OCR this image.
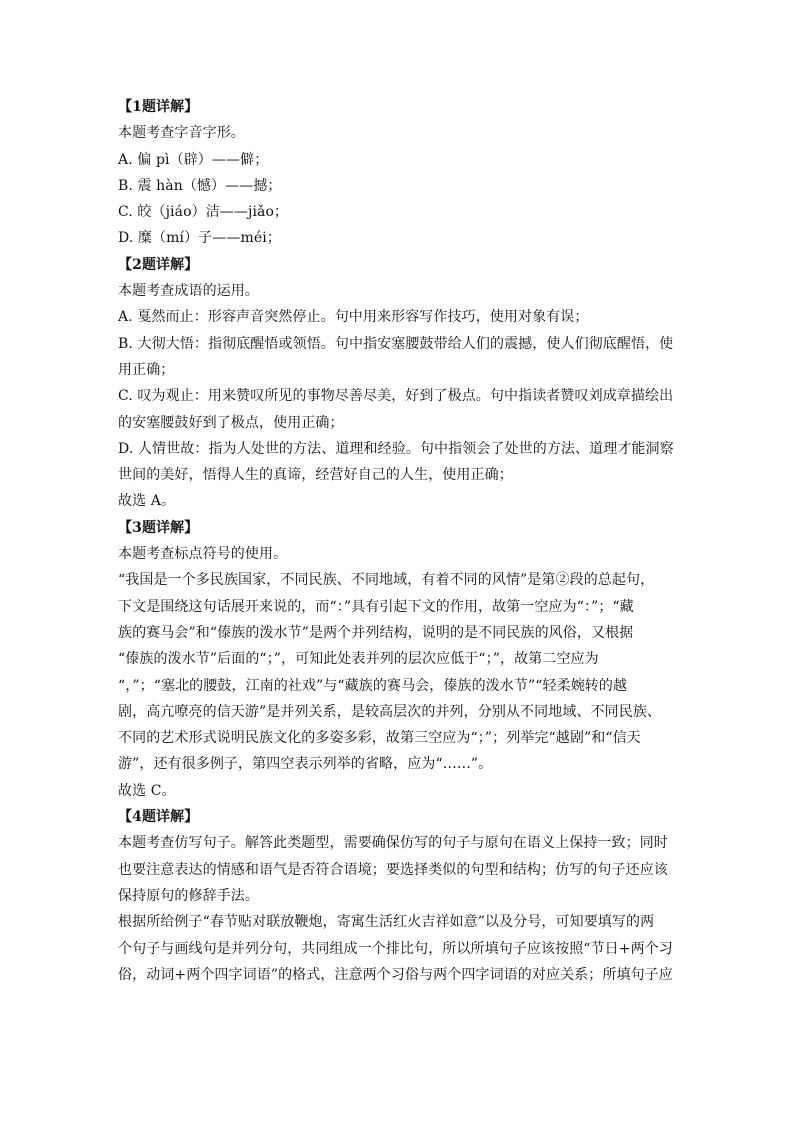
【1题详解】
本题考查字音字形。
A. 偏 pì（辟）——僻；
B. 震 hàn（憾）——撼；
C. 皎（jiáo）洁——jiǎo；
D. 糜（mí）子——méi；
【2题详解】
本题考查成语的运用。
A. 戛然而止：形容声音突然停止。句中用来形容写作技巧，使用对象有误；
B. 大彻大悟：指彻底醒悟或领悟。句中指安塞腰鼓带给人们的震撼，使人们彻底醒悟，使
用正确；
C. 叹为观止：用来赞叹所见的事物尽善尽美，好到了极点。句中指读者赞叹刘成章描绘出
的安塞腰鼓好到了极点，使用正确；
D. 人情世故：指为人处世的方法、道理和经验。句中指领会了处世的方法、道理才能洞察
世间的美好，悟得人生的真谛，经营好自己的人生，使用正确；
故选 A。
【3题详解】
本题考查标点符号的使用。
“我国是一个多民族国家，不同民族、不同地域，有着不同的风情”是第②段的总起句，
下文是围绕这句话展开来说的，而“：”具有引起下文的作用，故第一空应为“：”；“藏
族的赛马会”和“傣族的泼水节”是两个并列结构，说明的是不同民族的风俗，又根据
“傣族的泼水节”后面的“；”，可知此处表并列的层次应低于“；”，故第二空应为
“，”；“塞北的腰鼓，江南的社戏”与“藏族的赛马会，傣族的泼水节”“轻柔婉转的越
剧，高亢嘹亮的信天游”是并列关系，是较高层次的并列，分别从不同地域、不同民族、
不同的艺术形式说明民族文化的多姿多彩，故第三空应为“；”；列举完“越剧”和“信天
游”，还有很多例子，第四空表示列举的省略，应为“……”。
故选 C。
【4题详解】
本题考查仿写句子。解答此类题型，需要确保仿写的句子与原句在语义上保持一致；同时
也要注意表达的情感和语气是否符合语境；要选择类似的句型和结构；仿写的句子还应该
保持原句的修辞手法。
根据所给例子“春节贴对联放鞭炮，寄寓生活红火吉祥如意”以及分号，可知要填写的两
个句子与画线句是并列分句，共同组成一个排比句，所以所填句子应该按照“节日+两个习
俗，动词+两个四字词语”的格式，注意两个习俗与两个四字词语的对应关系；所填句子应
